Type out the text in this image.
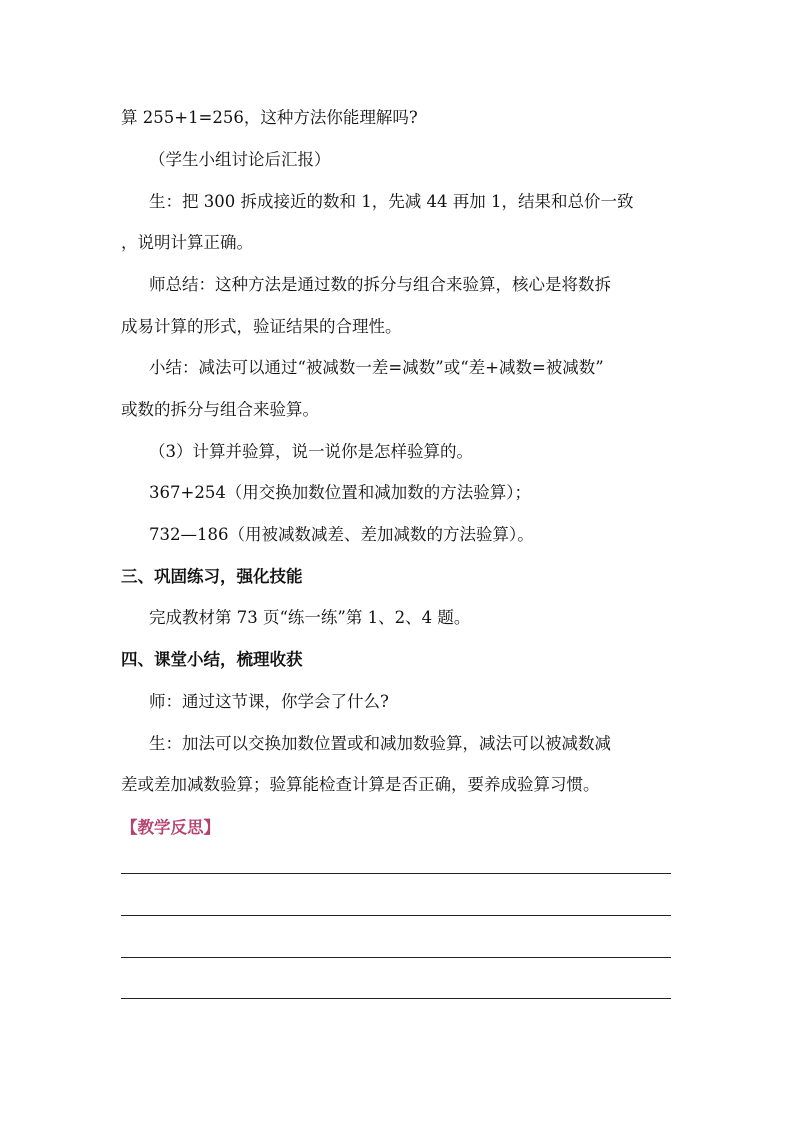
算 255+1=256，这种方法你能理解吗?
（学生小组讨论后汇报）
生：把 300 拆成接近的数和 1，先减 44 再加 1，结果和总价一致
，说明计算正确。
师总结：这种方法是通过数的拆分与组合来验算，核心是将数拆
成易计算的形式，验证结果的合理性。
小结：减法可以通过“被减数一差=减数”或“差+减数=被减数”
或数的拆分与组合来验算。
（3）计算并验算，说一说你是怎样验算的。
367+254（用交换加数位置和减加数的方法验算）；
732—186（用被减数减差、差加减数的方法验算）。
三、巩固练习，强化技能
完成教材第 73 页“练一练”第 1、2、4 题。
四、课堂小结，梳理收获
师：通过这节课，你学会了什么?
生：加法可以交换加数位置或和减加数验算，减法可以被减数减
差或差加减数验算；验算能检查计算是否正确，要养成验算习惯。
【教学反思】
